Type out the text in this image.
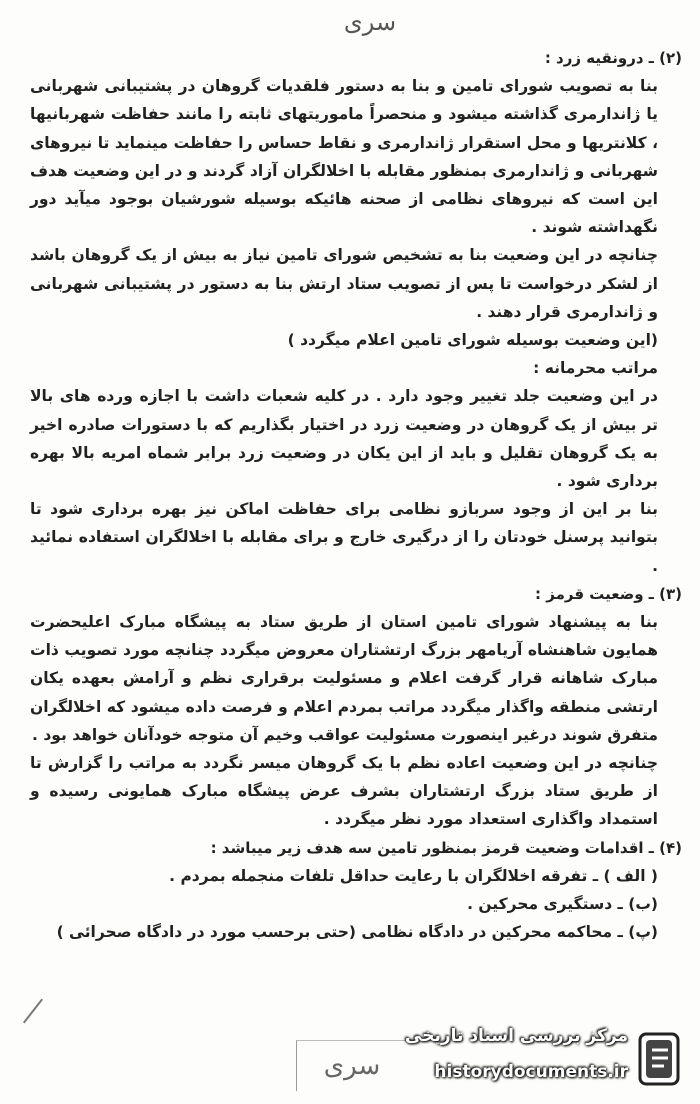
سری

(۲) ـ درونقیه زرد :

بنا به تصویب شورای تامین و بنا به دستور فلقدیات گروهان در پشتیبانی شهربانی یا ژاندارمری گذاشته میشود و منحصراً ماموریتهای ثابته را مانند حفاظت شهربانیها ، کلانتریها و محل استقرار ژاندارمری و نقاط حساس را حفاظت مینماید تا نیروهای شهربانی و ژاندارمری بمنظور مقابله با اخلالگران آزاد گردند و در این وضعیت هدف این است که نیروهای نظامی از صحنه هائیکه بوسیله شورشیان بوجود میآید دور نگهداشته شوند .

چنانچه در این وضعیت بنا به تشخیص شورای تامین نیاز به بیش از یک گروهان باشد از لشکر درخواست تا پس از تصویب ستاد ارتش بنا به دستور در پشتیبانی شهربانی و ژاندارمری قرار دهند .

(این وضعیت بوسیله شورای تامین اعلام میگردد )

مراتب محرمانه :

در این وضعیت جلد تغییر وجود دارد . در کلیه شعبات داشت با اجازه ورده های بالا تر بیش از یک گروهان در وضعیت زرد در اختیار بگذاریم که با دستورات صادره اخیر به یک گروهان تقلیل و باید از این یکان در وضعیت زرد برابر شماه امریه بالا بهره برداری شود .

بنا بر این از وجود سربازو نظامی برای حفاظت اماکن نیز بهره برداری شود تا بتوانید پرسنل خودتان را از درگیری خارج و برای مقابله با اخلالگران استفاده نمائید .

(۳) ـ وضعیت قرمز :

بنا به پیشنهاد شورای تامین استان از طریق ستاد به پیشگاه مبارک اعلیحضرت همایون شاهنشاه آریامهر بزرگ ارتشتاران معروض میگردد چنانچه مورد تصویب ذات مبارک شاهانه قرار گرفت اعلام و مسئولیت برقراری نظم و آرامش بعهده یکان ارتشی منطقه واگذار میگردد مراتب بمردم اعلام و فرصت داده میشود که اخلالگران متفرق شوند درغیر اینصورت مسئولیت عواقب وخیم آن متوجه خودآنان خواهد بود .

چنانچه در این وضعیت اعاده نظم با یک گروهان میسر نگردد به مراتب را گزارش تا از طریق ستاد بزرگ ارتشتاران بشرف عرض پیشگاه مبارک همایونی رسیده و استمداد واگذاری استعداد مورد نظر میگردد .

(۴) ـ اقدامات وضعیت قرمز بمنظور تامین سه هدف زیر میباشد :

( الف ) ـ تفرقه اخلالگران با رعایت حداقل تلفات منجمله بمردم .

(ب) ـ دستگیری محرکین .

(پ) ـ محاکمه محرکین در دادگاه نظامی (حتی برحسب مورد در دادگاه صحرائی )

سری
مرکز بررسی اسناد تاریخی
historydocuments.ir
